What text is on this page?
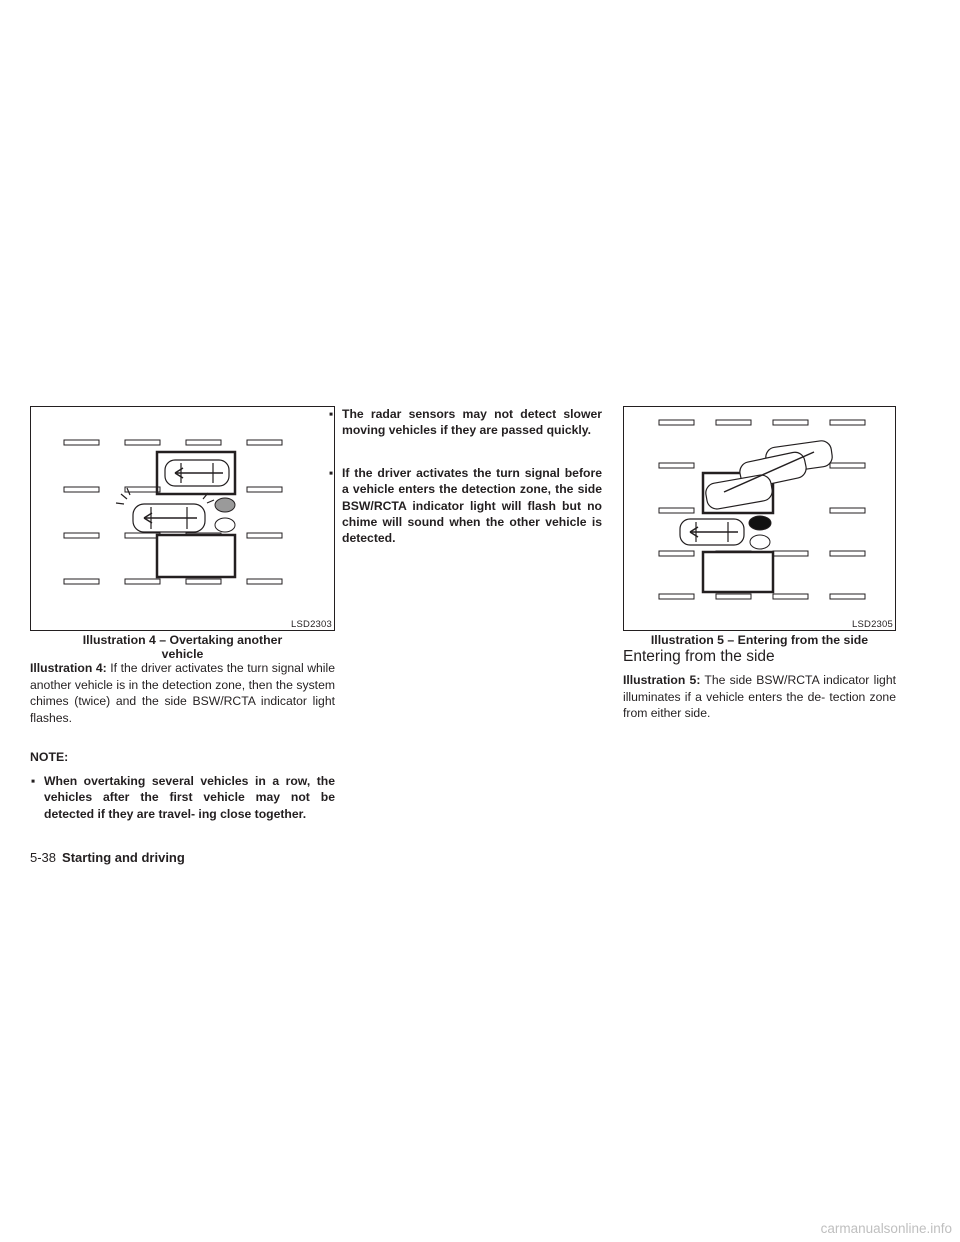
LSD2303
Illustration 4 – Overtaking another
vehicle
Illustration 4: If the driver activates the turn signal while another vehicle is in the detection zone, then the system chimes (twice) and the side BSW/RCTA indicator light flashes.
NOTE:
▪ When overtaking several vehicles in a row, the vehicles after the first vehicle may not be detected if they are travel- ing close together.
▪ The radar sensors may not detect slower moving vehicles if they are passed quickly.
▪ If the driver activates the turn signal before a vehicle enters the detection zone, the side BSW/RCTA indicator light will flash but no chime will sound when the other vehicle is detected.
LSD2305
Illustration 5 – Entering from the side
Entering from the side
Illustration 5: The side BSW/RCTA indicator light illuminates if a vehicle enters the de- tection zone from either side.
5-38 Starting and driving
carmanualsonline.info
